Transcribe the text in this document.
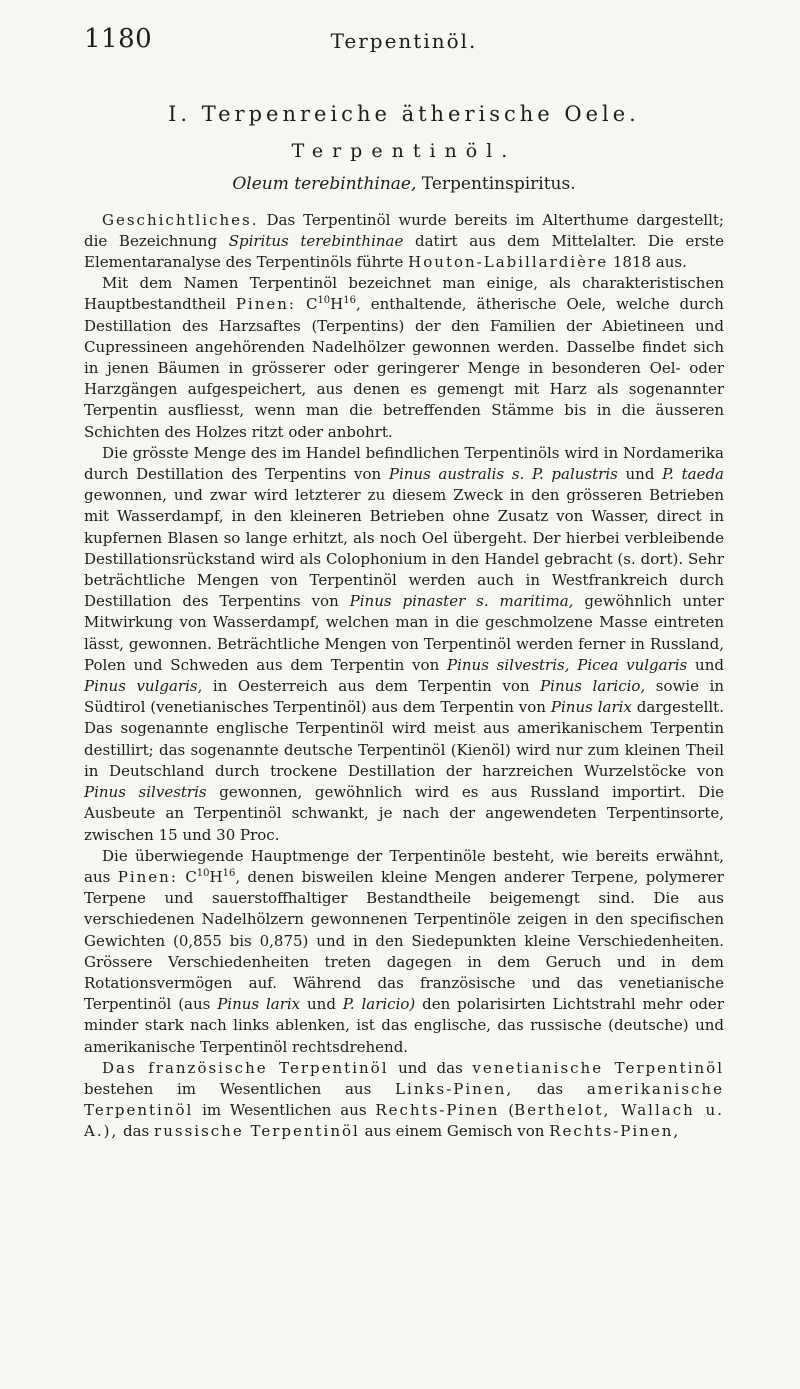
1180	Terpentinöl.
I. Terpenreiche ätherische Oele.
Terpentinöl.
Oleum terebinthinae, Terpentinspiritus.

Geschichtliches. Das Terpentinöl wurde bereits im Alterthume dargestellt; die Bezeichnung Spiritus terebinthinae datirt aus dem Mittelalter. Die erste Elementaranalyse des Terpentinöls führte Houton-Labillardière 1818 aus.

Mit dem Namen Terpentinöl bezeichnet man einige, als charakteristischen Hauptbestandtheil Pinen: $C^{10}H^{16}$, enthaltende, ätherische Oele, welche durch Destillation des Harzsaftes (Terpentins) der den Familien der Abietineen und Cupressineen angehörenden Nadelhölzer gewonnen werden. Dasselbe findet sich in jenen Bäumen in grösserer oder geringerer Menge in besonderen Oel- oder Harzgängen aufgespeichert, aus denen es gemengt mit Harz als sogenannter Terpentin ausfliesst, wenn man die betreffenden Stämme bis in die äusseren Schichten des Holzes ritzt oder anbohrt.

Die grösste Menge des im Handel befindlichen Terpentinöls wird in Nordamerika durch Destillation des Terpentins von Pinus australis s. P. palustris und P. taeda gewonnen, und zwar wird letzterer zu diesem Zweck in den grösseren Betrieben mit Wasserdampf, in den kleineren Betrieben ohne Zusatz von Wasser, direct in kupfernen Blasen so lange erhitzt, als noch Oel übergeht. Der hierbei verbleibende Destillationsrückstand wird als Colophonium in den Handel gebracht (s. dort). Sehr beträchtliche Mengen von Terpentinöl werden auch in Westfrankreich durch Destillation des Terpentins von Pinus pinaster s. maritima, gewöhnlich unter Mitwirkung von Wasserdampf, welchen man in die geschmolzene Masse eintreten lässt, gewonnen. Beträchtliche Mengen von Terpentinöl werden ferner in Russland, Polen und Schweden aus dem Terpentin von Pinus silvestris, Picea vulgaris und Pinus vulgaris, in Oesterreich aus dem Terpentin von Pinus laricio, sowie in Südtirol (venetianisches Terpentinöl) aus dem Terpentin von Pinus larix dargestellt. Das sogenannte englische Terpentinöl wird meist aus amerikanischem Terpentin destillirt; das sogenannte deutsche Terpentinöl (Kienöl) wird nur zum kleinen Theil in Deutschland durch trockene Destillation der harzreichen Wurzelstöcke von Pinus silvestris gewonnen, gewöhnlich wird es aus Russland importirt. Die Ausbeute an Terpentinöl schwankt, je nach der angewendeten Terpentinsorte, zwischen 15 und 30 Proc.

Die überwiegende Hauptmenge der Terpentinöle besteht, wie bereits erwähnt, aus Pinen: $C^{10}H^{16}$, denen bisweilen kleine Mengen anderer Terpene, polymerer Terpene und sauerstoffhaltiger Bestandtheile beigemengt sind. Die aus verschiedenen Nadelhölzern gewonnenen Terpentinöle zeigen in den specifischen Gewichten (0,855 bis 0,875) und in den Siedepunkten kleine Verschiedenheiten. Grössere Verschiedenheiten treten dagegen in dem Geruch und in dem Rotationsvermögen auf. Während das französische und das venetianische Terpentinöl (aus Pinus larix und P. laricio) den polarisirten Lichtstrahl mehr oder minder stark nach links ablenken, ist das englische, das russische (deutsche) und amerikanische Terpentinöl rechtsdrehend.

Das französische Terpentinöl und das venetianische Terpentinöl bestehen im Wesentlichen aus Links-Pinen, das amerikanische Terpentinöl im Wesentlichen aus Rechts-Pinen (Berthelot, Wallach u. A.), das russische Terpentinöl aus einem Gemisch von Rechts-Pinen,
